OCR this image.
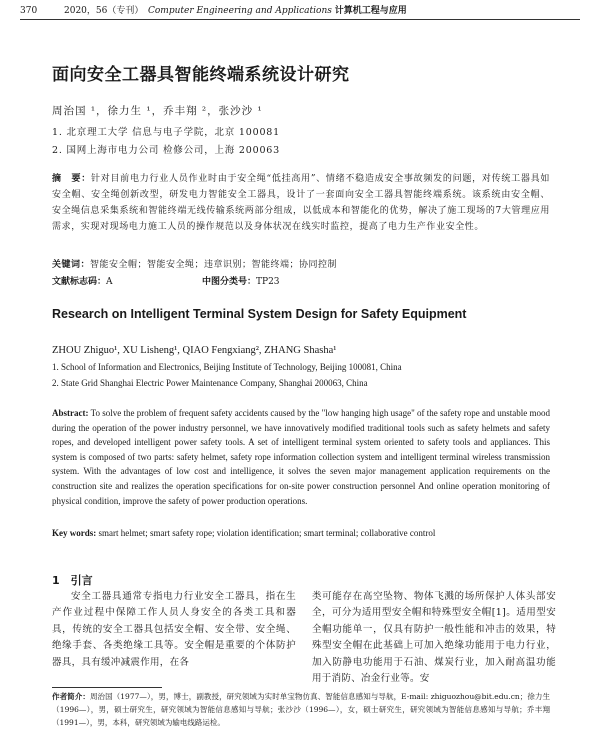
370	2020，56（专刊） Computer Engineering and Applications 计算机工程与应用
面向安全工器具智能终端系统设计研究
周治国 ¹，徐力生 ¹，乔丰翔 ²，张沙沙 ¹
1. 北京理工大学 信息与电子学院，北京 100081
2. 国网上海市电力公司 检修公司，上海 200063
摘　要：针对目前电力行业人员作业时由于安全绳“低挂高用”、情绪不稳造成安全事故频发的问题，对传统工器具如安全帽、安全绳创新改型，研发电力智能安全工器具，设计了一套面向安全工器具智能终端系统。该系统由安全帽、安全绳信息采集系统和智能终端无线传输系统两部分组成，以低成本和智能化的优势，解决了施工现场的7大管理应用需求，实现对现场电力施工人员的操作规范以及身体状况在线实时监控，提高了电力生产作业安全性。
关键词：智能安全帽；智能安全绳；违章识别；智能终端；协同控制
文献标志码：A	中图分类号：TP23
Research on Intelligent Terminal System Design for Safety Equipment
ZHOU Zhiguo¹, XU Lisheng¹, QIAO Fengxiang², ZHANG Shasha¹
1. School of Information and Electronics, Beijing Institute of Technology, Beijing 100081, China
2. State Grid Shanghai Electric Power Maintenance Company, Shanghai 200063, China
Abstract: To solve the problem of frequent safety accidents caused by the "low hanging high usage" of the safety rope and unstable mood during the operation of the power industry personnel, we have innovatively modified traditional tools such as safety helmets and safety ropes, and developed intelligent power safety tools. A set of intelligent terminal system oriented to safety tools and appliances. This system is composed of two parts: safety helmet, safety rope information collection system and intelligent terminal wireless transmission system. With the advantages of low cost and intelligence, it solves the seven major management application requirements on the construction site and realizes the operation specifications for on-site power construction personnel And online operation monitoring of physical condition, improve the safety of power production operations.
Key words: smart helmet; smart safety rope; violation identification; smart terminal; collaborative control
1　引言
安全工器具通常专指电力行业安全工器具，指在生产作业过程中保障工作人员人身安全的各类工具和器具，传统的安全工器具包括安全帽、安全带、安全绳、绝缘手套、各类绝缘工具等。安全帽是重要的个体防护器具，具有缓冲减震作用，在各
类可能存在高空坠物、物体飞溅的场所保护人体头部安全，可分为适用型安全帽和特殊型安全帽[1]。适用型安全帽功能单一，仅具有防护一般性能和冲击的效果，特殊型安全帽在此基础上可加入绝缘功能用于电力行业，加入防静电功能用于石油、煤炭行业，加入耐高温功能用于消防、冶金行业等。安
作者简介：周治国（1977—），男，博士，副教授，研究领域为实时单宝物仿真、智能信息感知与导航，E-mail: zhiguozhou@bit.edu.cn；徐力生（1996—），男，硕士研究生，研究领域为智能信息感知与导航；张沙沙（1996—），女，硕士研究生，研究领域为智能信息感知与导航；乔丰翔（1991—），男，本科，研究领域为输电线路运检。
